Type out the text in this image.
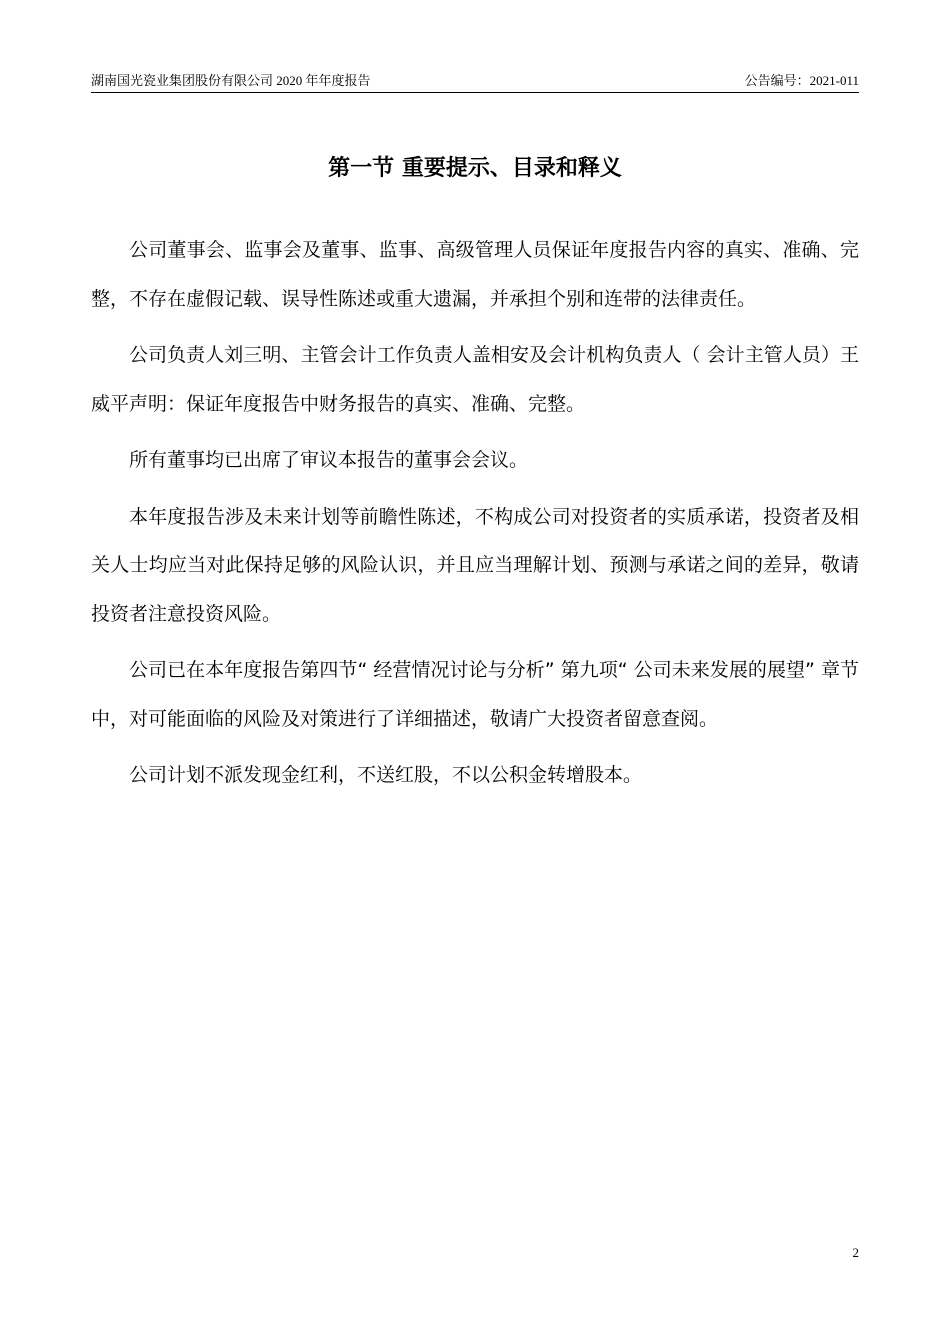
湖南国光瓷业集团股份有限公司 2020 年年度报告	公告编号：2021-011
第一节 重要提示、目录和释义

公司董事会、监事会及董事、监事、高级管理人员保证年度报告内容的真实、准确、完整，不存在虚假记载、误导性陈述或重大遗漏，并承担个别和连带的法律责任。

公司负责人刘三明、主管会计工作负责人盖相安及会计机构负责人（ 会计主管人员）王威平声明：保证年度报告中财务报告的真实、准确、完整。

所有董事均已出席了审议本报告的董事会会议。

本年度报告涉及未来计划等前瞻性陈述，不构成公司对投资者的实质承诺，投资者及相关人士均应当对此保持足够的风险认识，并且应当理解计划、预测与承诺之间的差异，敬请投资者注意投资风险。

公司已在本年度报告第四节“ 经营情况讨论与分析” 第九项“ 公司未来发展的展望” 章节中，对可能面临的风险及对策进行了详细描述，敬请广大投资者留意查阅。

公司计划不派发现金红利，不送红股，不以公积金转增股本。

2
